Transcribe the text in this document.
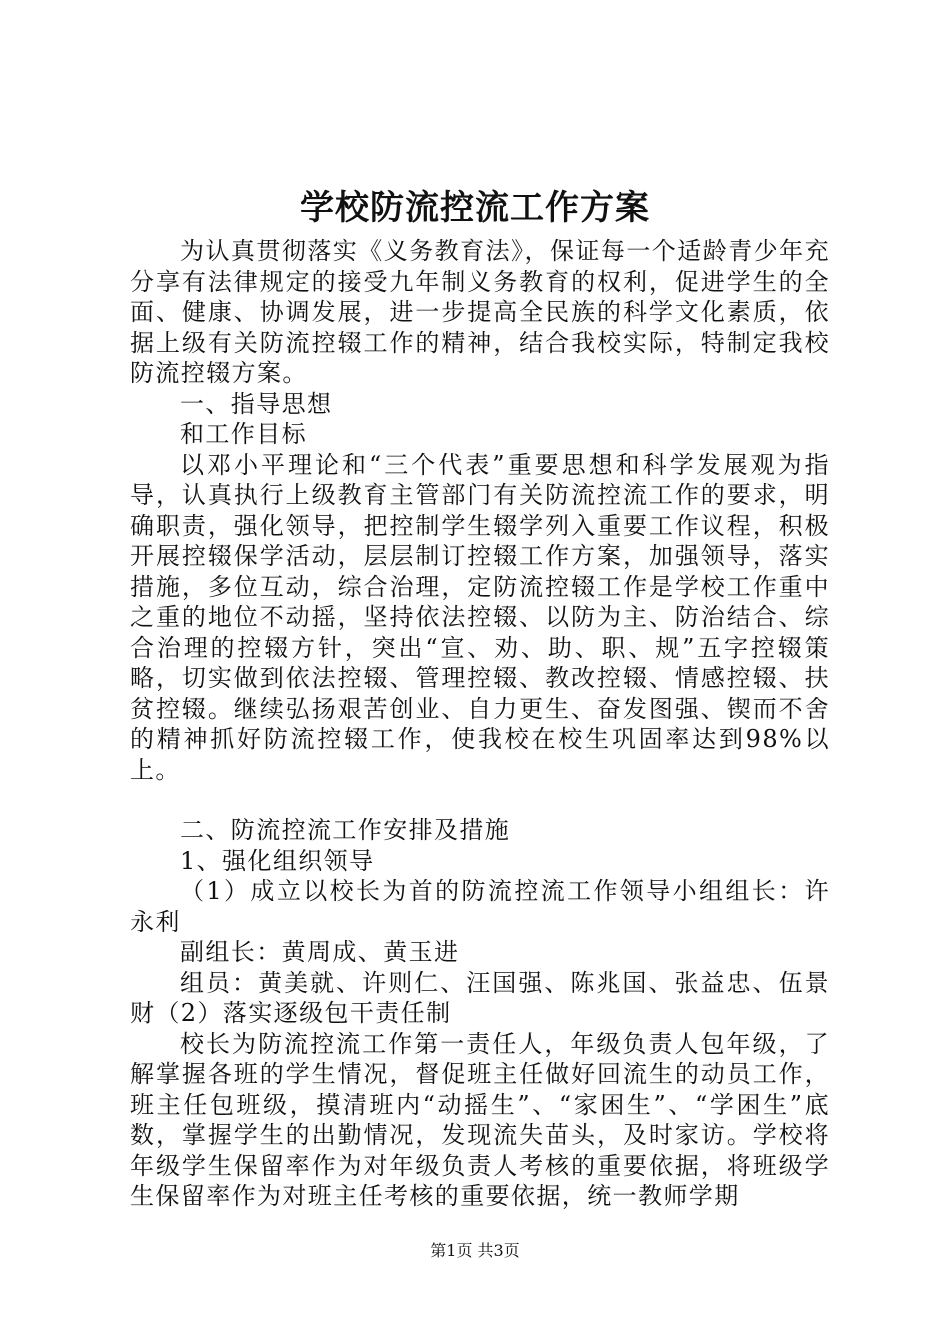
学校防流控流工作方案

为认真贯彻落实《义务教育法》，保证每一个适龄青少年充分享有法律规定的接受九年制义务教育的权利，促进学生的全面、健康、协调发展，进一步提高全民族的科学文化素质，依据上级有关防流控辍工作的精神，结合我校实际，特制定我校防流控辍方案。

一、指导思想

和工作目标

以邓小平理论和“三个代表”重要思想和科学发展观为指导，认真执行上级教育主管部门有关防流控流工作的要求，明确职责，强化领导，把控制学生辍学列入重要工作议程，积极开展控辍保学活动，层层制订控辍工作方案，加强领导，落实措施，多位互动，综合治理，定防流控辍工作是学校工作重中之重的地位不动摇，坚持依法控辍、以防为主、防治结合、综合治理的控辍方针，突出“宣、劝、助、职、规”五字控辍策略，切实做到依法控辍、管理控辍、教改控辍、情感控辍、扶贫控辍。继续弘扬艰苦创业、自力更生、奋发图强、锲而不舍的精神抓好防流控辍工作，使我校在校生巩固率达到98%以上。

二、防流控流工作安排及措施

1、强化组织领导

（1）成立以校长为首的防流控流工作领导小组组长：许永利

副组长：黄周成、黄玉进

组员：黄美就、许则仁、汪国强、陈兆国、张益忠、伍景财（2）落实逐级包干责任制

校长为防流控流工作第一责任人，年级负责人包年级，了解掌握各班的学生情况，督促班主任做好回流生的动员工作，班主任包班级，摸清班内“动摇生”、“家困生”、“学困生”底数，掌握学生的出勤情况，发现流失苗头，及时家访。学校将年级学生保留率作为对年级负责人考核的重要依据，将班级学生保留率作为对班主任考核的重要依据，统一教师学期

第1页 共3页
